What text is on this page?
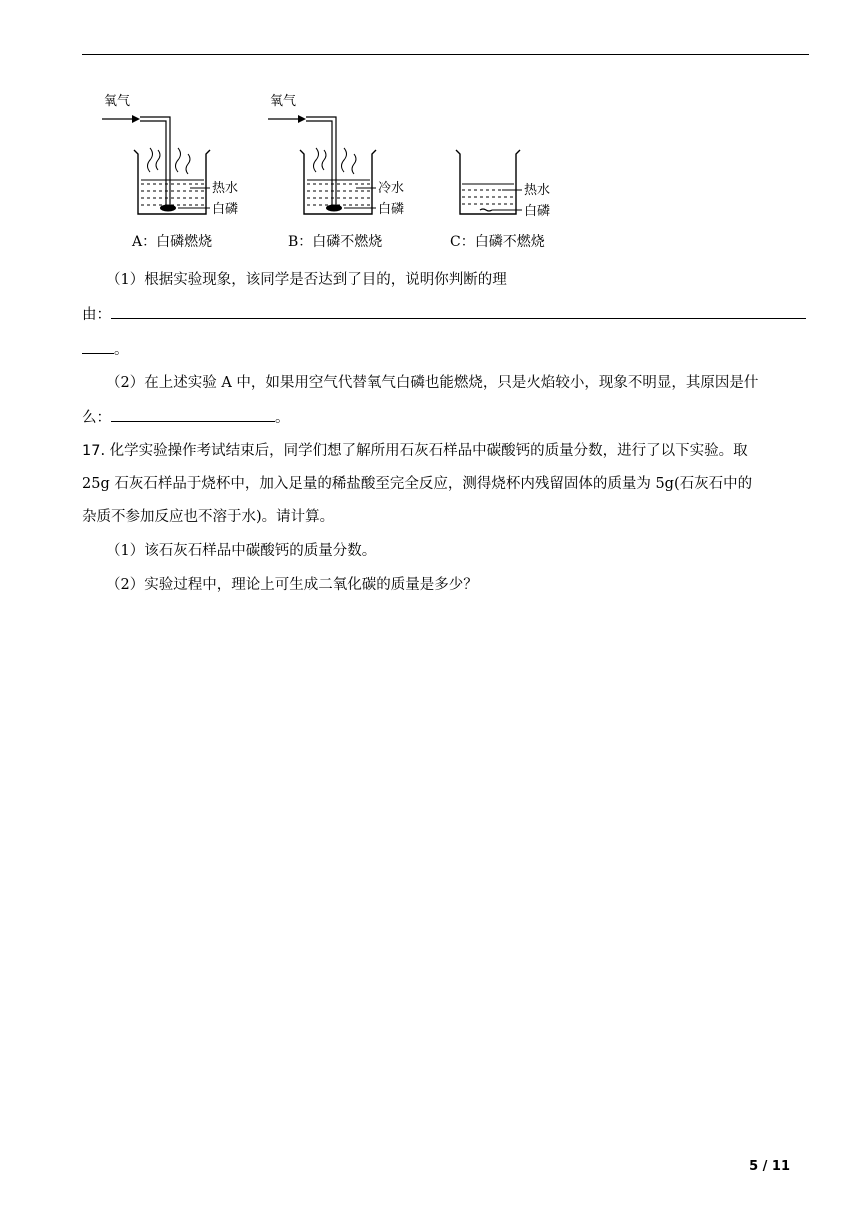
氧气
热水
白磷
A：白磷燃烧
氧气
冷水
白磷
B：白磷不燃烧
热水
白磷
C：白磷不燃烧
（1）根据实验现象，该同学是否达到了目的，说明你判断的理
由：
。
（2）在上述实验 A 中，如果用空气代替氧气白磷也能燃烧，只是火焰较小，现象不明显，其原因是什
么：	。
17. 化学实验操作考试结束后，同学们想了解所用石灰石样品中碳酸钙的质量分数，进行了以下实验。取
25g 石灰石样品于烧杯中，加入足量的稀盐酸至完全反应，测得烧杯内残留固体的质量为 5g(石灰石中的
杂质不参加反应也不溶于水)。请计算。
（1）该石灰石样品中碳酸钙的质量分数。
（2）实验过程中，理论上可生成二氧化碳的质量是多少？
5 / 11
